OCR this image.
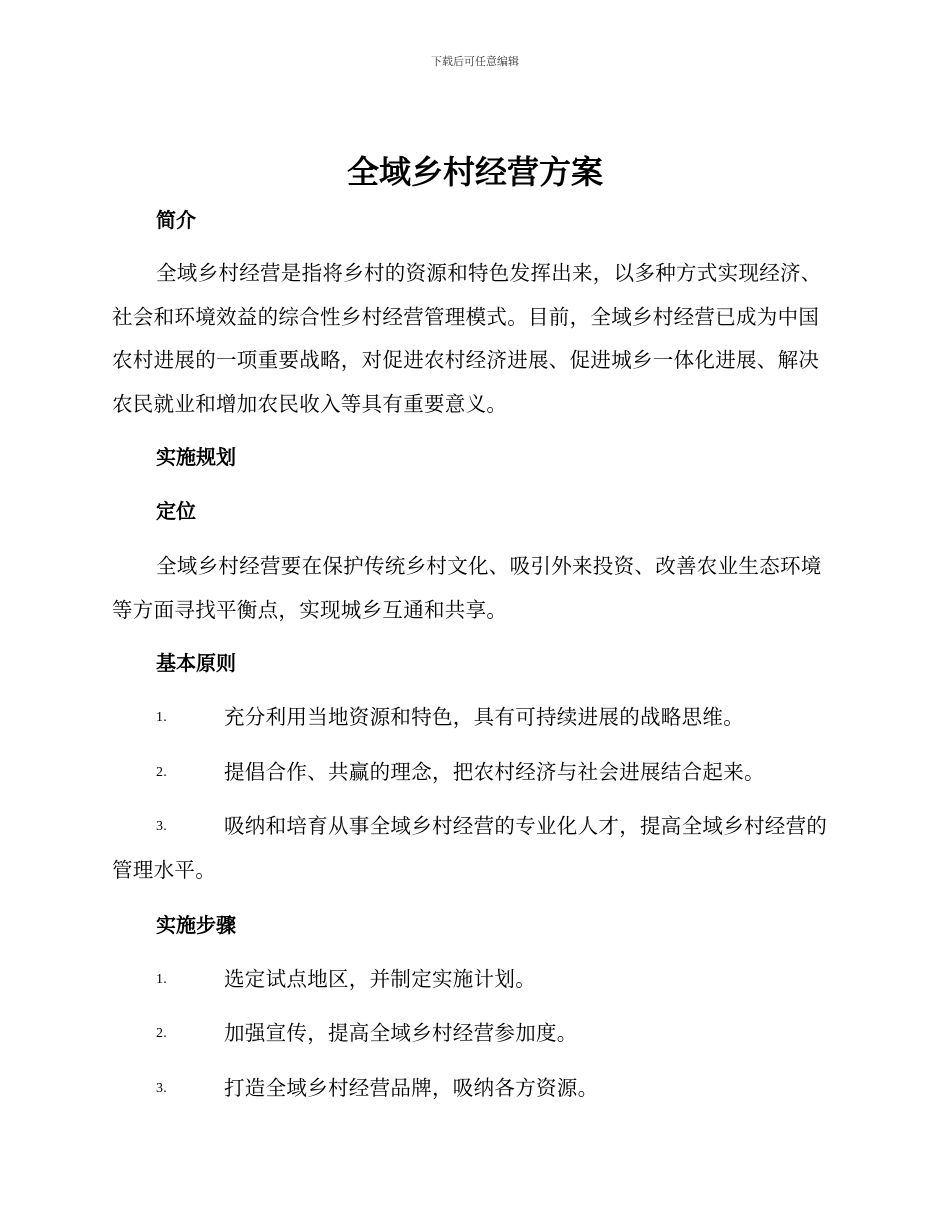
下载后可任意编辑
全域乡村经营方案
简介
全域乡村经营是指将乡村的资源和特色发挥出来，以多种方式实现经济、社会和环境效益的综合性乡村经营管理模式。目前，全域乡村经营已成为中国农村进展的一项重要战略，对促进农村经济进展、促进城乡一体化进展、解决农民就业和增加农民收入等具有重要意义。
实施规划
定位
全域乡村经营要在保护传统乡村文化、吸引外来投资、改善农业生态环境等方面寻找平衡点，实现城乡互通和共享。
基本原则
1.	充分利用当地资源和特色，具有可持续进展的战略思维。
2.	提倡合作、共赢的理念，把农村经济与社会进展结合起来。
3.	吸纳和培育从事全域乡村经营的专业化人才，提高全域乡村经营的管理水平。
实施步骤
1.	选定试点地区，并制定实施计划。
2.	加强宣传，提高全域乡村经营参加度。
3.	打造全域乡村经营品牌，吸纳各方资源。
